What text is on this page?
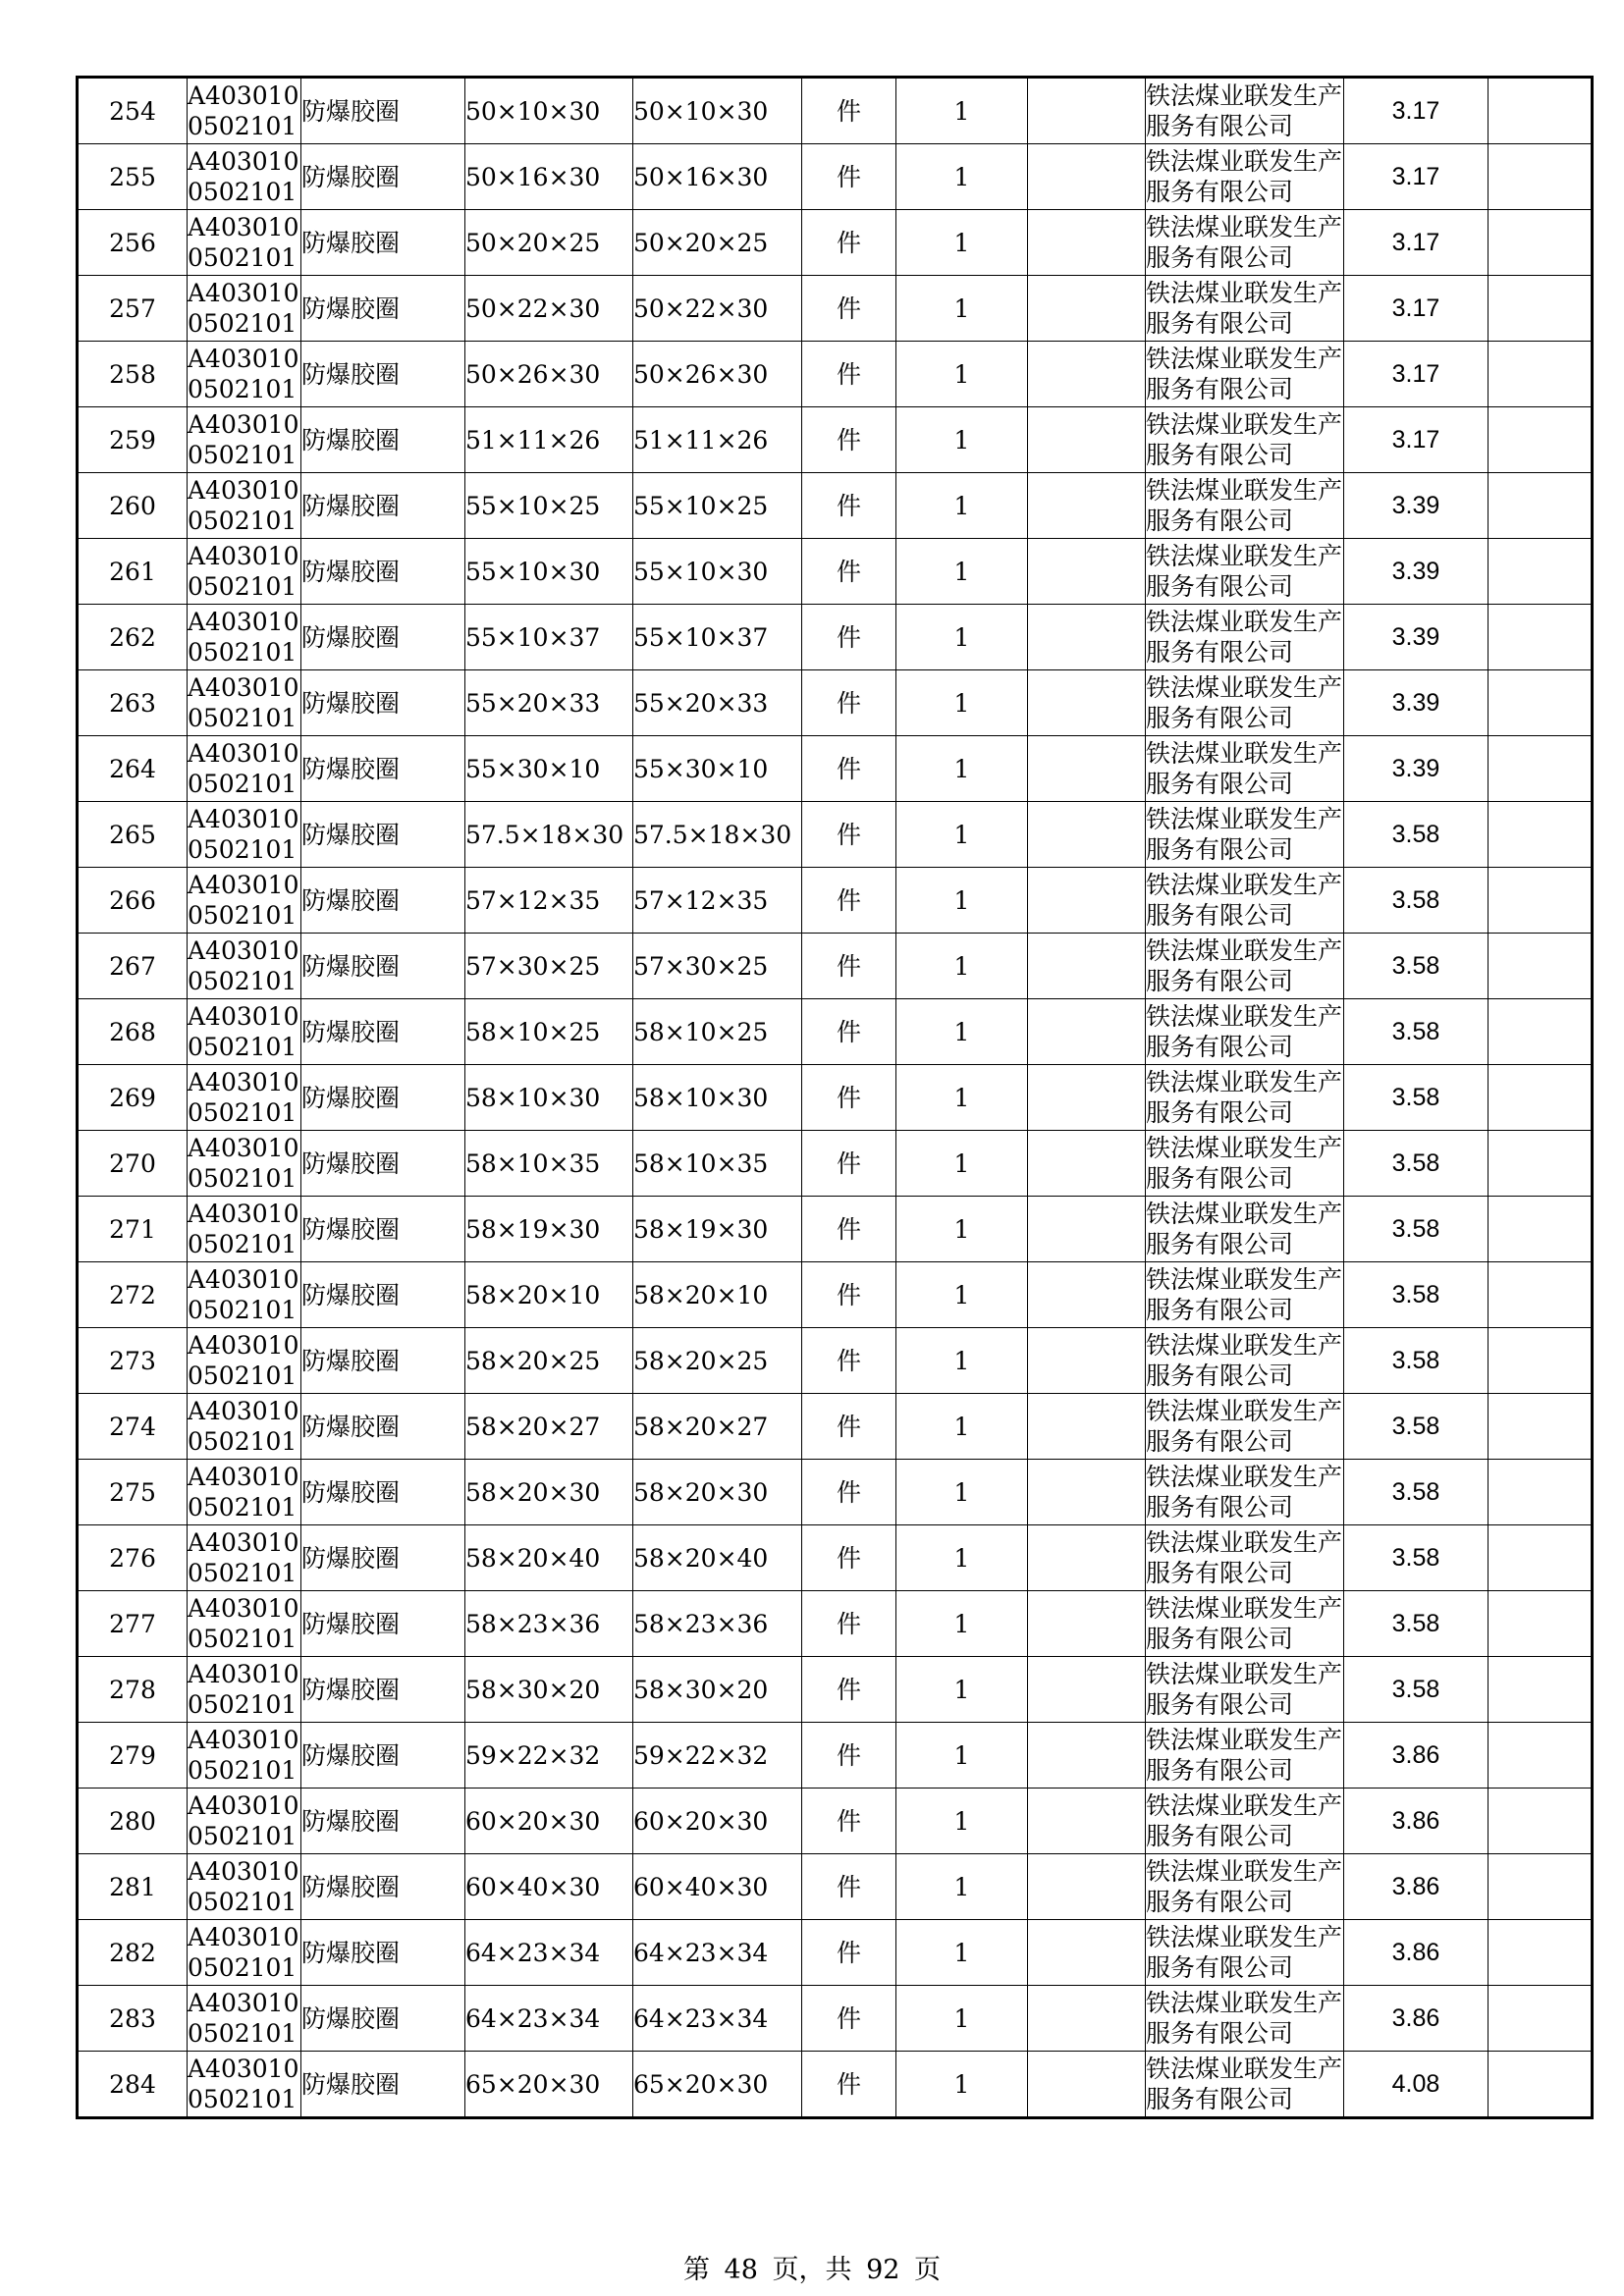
254	A4030100502101	防爆胶圈	50×10×30	50×10×30	件	1		铁法煤业联发生产服务有限公司	3.17	
255	A4030100502101	防爆胶圈	50×16×30	50×16×30	件	1		铁法煤业联发生产服务有限公司	3.17	
256	A4030100502101	防爆胶圈	50×20×25	50×20×25	件	1		铁法煤业联发生产服务有限公司	3.17	
257	A4030100502101	防爆胶圈	50×22×30	50×22×30	件	1		铁法煤业联发生产服务有限公司	3.17	
258	A4030100502101	防爆胶圈	50×26×30	50×26×30	件	1		铁法煤业联发生产服务有限公司	3.17	
259	A4030100502101	防爆胶圈	51×11×26	51×11×26	件	1		铁法煤业联发生产服务有限公司	3.17	
260	A4030100502101	防爆胶圈	55×10×25	55×10×25	件	1		铁法煤业联发生产服务有限公司	3.39	
261	A4030100502101	防爆胶圈	55×10×30	55×10×30	件	1		铁法煤业联发生产服务有限公司	3.39	
262	A4030100502101	防爆胶圈	55×10×37	55×10×37	件	1		铁法煤业联发生产服务有限公司	3.39	
263	A4030100502101	防爆胶圈	55×20×33	55×20×33	件	1		铁法煤业联发生产服务有限公司	3.39	
264	A4030100502101	防爆胶圈	55×30×10	55×30×10	件	1		铁法煤业联发生产服务有限公司	3.39	
265	A4030100502101	防爆胶圈	57.5×18×30	57.5×18×30	件	1		铁法煤业联发生产服务有限公司	3.58	
266	A4030100502101	防爆胶圈	57×12×35	57×12×35	件	1		铁法煤业联发生产服务有限公司	3.58	
267	A4030100502101	防爆胶圈	57×30×25	57×30×25	件	1		铁法煤业联发生产服务有限公司	3.58	
268	A4030100502101	防爆胶圈	58×10×25	58×10×25	件	1		铁法煤业联发生产服务有限公司	3.58	
269	A4030100502101	防爆胶圈	58×10×30	58×10×30	件	1		铁法煤业联发生产服务有限公司	3.58	
270	A4030100502101	防爆胶圈	58×10×35	58×10×35	件	1		铁法煤业联发生产服务有限公司	3.58	
271	A4030100502101	防爆胶圈	58×19×30	58×19×30	件	1		铁法煤业联发生产服务有限公司	3.58	
272	A4030100502101	防爆胶圈	58×20×10	58×20×10	件	1		铁法煤业联发生产服务有限公司	3.58	
273	A4030100502101	防爆胶圈	58×20×25	58×20×25	件	1		铁法煤业联发生产服务有限公司	3.58	
274	A4030100502101	防爆胶圈	58×20×27	58×20×27	件	1		铁法煤业联发生产服务有限公司	3.58	
275	A4030100502101	防爆胶圈	58×20×30	58×20×30	件	1		铁法煤业联发生产服务有限公司	3.58	
276	A4030100502101	防爆胶圈	58×20×40	58×20×40	件	1		铁法煤业联发生产服务有限公司	3.58	
277	A4030100502101	防爆胶圈	58×23×36	58×23×36	件	1		铁法煤业联发生产服务有限公司	3.58	
278	A4030100502101	防爆胶圈	58×30×20	58×30×20	件	1		铁法煤业联发生产服务有限公司	3.58	
279	A4030100502101	防爆胶圈	59×22×32	59×22×32	件	1		铁法煤业联发生产服务有限公司	3.86	
280	A4030100502101	防爆胶圈	60×20×30	60×20×30	件	1		铁法煤业联发生产服务有限公司	3.86	
281	A4030100502101	防爆胶圈	60×40×30	60×40×30	件	1		铁法煤业联发生产服务有限公司	3.86	
282	A4030100502101	防爆胶圈	64×23×34	64×23×34	件	1		铁法煤业联发生产服务有限公司	3.86	
283	A4030100502101	防爆胶圈	64×23×34	64×23×34	件	1		铁法煤业联发生产服务有限公司	3.86	
284	A4030100502101	防爆胶圈	65×20×30	65×20×30	件	1		铁法煤业联发生产服务有限公司	4.08	
第 48 页，共 92 页
